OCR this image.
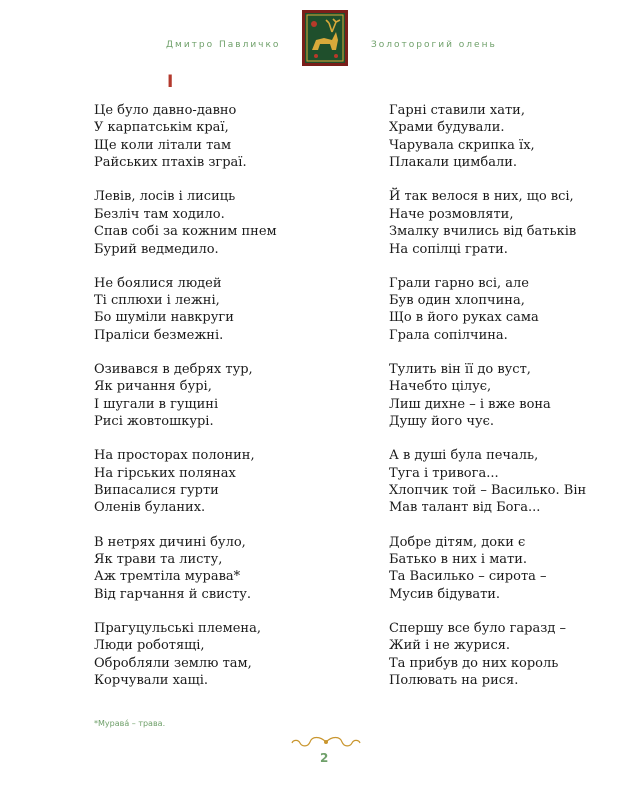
Дмитро Павличко	Золоторогий олень
I
Це було давно-давно
У карпатськім краї,
Ще коли літали там
Райських птахів зграї.
Левів, лосів і лисиць
Безліч там ходило.
Спав собі за кожним пнем
Бурий ведмедило.
Не боялися людей
Ті сплюхи і лежні,
Бо шуміли навкруги
Праліси безмежні.
Озивався в дебрях тур,
Як ричання бурі,
І шугали в гущині
Рисі жовтошкурі.
На просторах полонин,
На гірських полянах
Випасалися гурти
Оленів буланих.
В нетрях дичині було,
Як трави та листу,
Аж тремтіла мурава*
Від гарчання й свисту.
Прагуцульські племена,
Люди роботящі,
Обробляли землю там,
Корчували хащі.
Гарні ставили хати,
Храми будували.
Чарувала скрипка їх,
Плакали цимбали.
Й так велося в них, що всі,
Наче розмовляти,
Змалку вчились від батьків
На сопілці грати.
Грали гарно всі, але
Був один хлопчина,
Що в його руках сама
Грала сопілчина.
Тулить він її до вуст,
Начебто цілує,
Лиш дихне – і вже вона
Душу його чує.
А в душі була печаль,
Туга і тривога...
Хлопчик той – Василько. Він
Мав талант від Бога...
Добре дітям, доки є
Батько в них і мати.
Та Василько – сирота –
Мусив бідувати.
Спершу все було гаразд –
Жий і не журися.
Та прибув до них король
Полювать на рися.
*Мурава́ – трава.
2
